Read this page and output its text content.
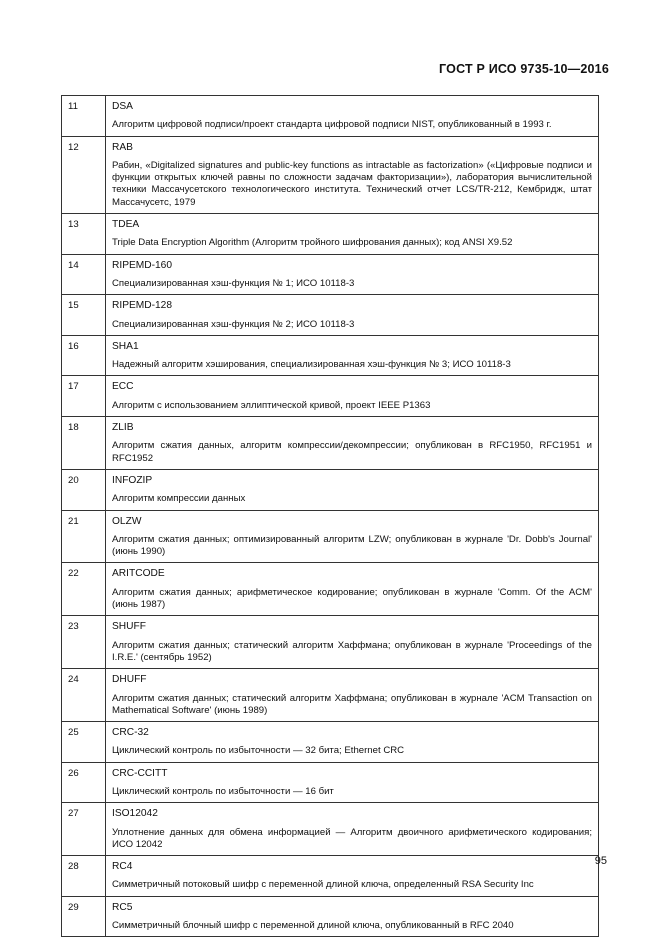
ГОСТ Р ИСО 9735-10—2016
11	DSA
Алгоритм цифровой подписи/проект стандарта цифровой подписи NIST, опубликованный в 1993 г.

12	RAB
Рабин, «Digitalized signatures and public-key functions as intractable as factorization» («Цифровые подписи и функции открытых ключей равны по сложности задачам факторизации»), лаборатория вычислительной техники Массачусетского технологического института. Технический отчет LCS/TR-212, Кембридж, штат Массачусетс, 1979

13	TDEA
Triple Data Encryption Algorithm (Алгоритм тройного шифрования данных); код ANSI X9.52

14	RIPEMD-160
Специализированная хэш-функция № 1; ИСО 10118-3

15	RIPEMD-128
Специализированная хэш-функция № 2; ИСО 10118-3

16	SHA1
Надежный алгоритм хэширования, специализированная хэш-функция № 3; ИСО 10118-3

17	ECC
Алгоритм с использованием эллиптической кривой, проект IEEE P1363

18	ZLIB
Алгоритм сжатия данных, алгоритм компрессии/декомпрессии; опубликован в RFC1950, RFC1951 и RFC1952

20	INFOZIP
Алгоритм компрессии данных

21	OLZW
Алгоритм сжатия данных; оптимизированный алгоритм LZW; опубликован в журнале 'Dr. Dobb's Journal' (июнь 1990)

22	ARITCODE
Алгоритм сжатия данных; арифметическое кодирование; опубликован в журнале 'Comm. Of the ACM' (июнь 1987)

23	SHUFF
Алгоритм сжатия данных; статический алгоритм Хаффмана; опубликован в журнале 'Proceedings of the I.R.E.' (сентябрь 1952)

24	DHUFF
Алгоритм сжатия данных; статический алгоритм Хаффмана; опубликован в журнале 'ACM Transaction on Mathematical Software' (июнь 1989)

25	CRC-32
Циклический контроль по избыточности — 32 бита; Ethernet CRC

26	CRC-CCITT
Циклический контроль по избыточности — 16 бит

27	ISO12042
Уплотнение данных для обмена информацией — Алгоритм двоичного арифметического кодирования; ИСО 12042

28	RC4
Симметричный потоковый шифр с переменной длиной ключа, определенный RSA Security Inc

29	RC5
Симметричный блочный шифр с переменной длиной ключа, опубликованный в RFC 2040
95
